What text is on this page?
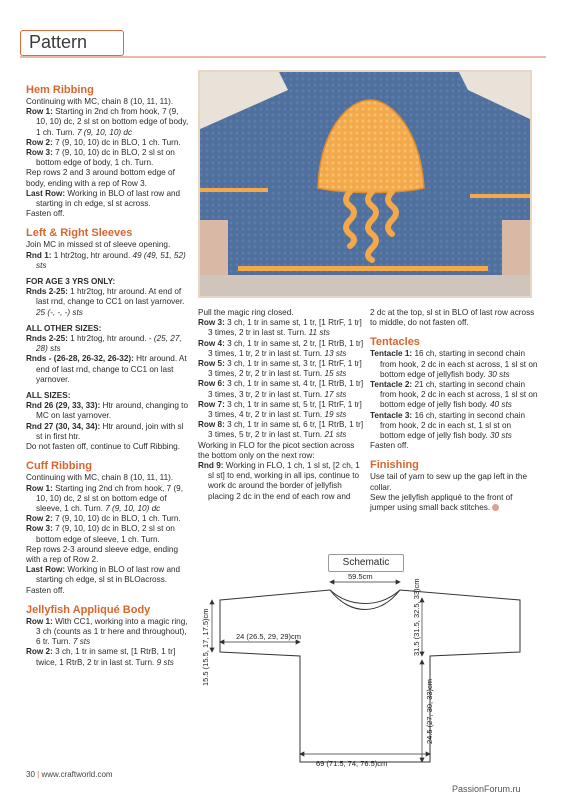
Pattern

Hem Ribbing

Continuing with MC, chain 8 (10, 11, 11).

Row 1: Starting in 2nd ch from hook, 7 (9, 10, 10) dc, 2 sl st on bottom edge of body, 1 ch. Turn. 7 (9, 10, 10) dc

Row 2: 7 (9, 10, 10) dc in BLO, 1 ch. Turn.

Row 3: 7 (9, 10, 10) dc in BLO, 2 sl st on bottom edge of body, 1 ch. Turn.

Rep rows 2 and 3 around bottom edge of body, ending with a rep of Row 3.

Last Row: Working in BLO of last row and starting in ch edge, sl st across.

Fasten off.

Left & Right Sleeves

Join MC in missed st of sleeve opening.

Rnd 1: 1 htr2tog, htr around. 49 (49, 51, 52) sts

FOR AGE 3 YRS ONLY:

Rnds 2-25: 1 htr2tog, htr around. At end of last rnd, change to CC1 on last yarnover.
25 (-, -, -) sts

ALL OTHER SIZES:

Rnds 2-25: 1 htr2tog, htr around. - (25, 27, 28) sts

Rnds - (26-28, 26-32, 26-32): Htr around. At end of last rnd, change to CC1 on last yarnover.

ALL SIZES:

Rnd 26 (29, 33, 33): Htr around, changing to MC on last yarnover.

Rnd 27 (30, 34, 34): Htr around, join with sl st in first htr.

Do not fasten off, continue to Cuff Ribbing.

Cuff Ribbing

Continuing with MC, chain 8 (10, 11, 11).

Row 1: Starting ing 2nd ch from hook, 7 (9, 10, 10) dc, 2 sl st on bottom edge of sleeve, 1 ch. Turn. 7 (9, 10, 10) dc

Row 2: 7 (9, 10, 10) dc in BLO, 1 ch. Turn.

Row 3: 7 (9, 10, 10) dc in BLO, 2 sl st on bottom edge of sleeve, 1 ch. Turn.

Rep rows 2-3 around sleeve edge, ending with a rep of Row 2.

Last Row: Working in BLO of last row and starting ch edge, sl st in BLOacross.

Fasten off.

Jellyfish Appliqué Body

Row 1: With CC1, working into a magic ring, 3 ch (counts as 1 tr here and throughout), 6 tr. Turn. 7 sts

Row 2: 3 ch, 1 tr in same st, [1 RtrB, 1 tr] twice, 1 RtrB, 2 tr in last st. Turn. 9 sts

Pull the magic ring closed.

Row 3: 3 ch, 1 tr in same st, 1 tr, [1 RtrF, 1 tr] 3 times, 2 tr in last st. Turn. 11 sts

Row 4: 3 ch, 1 tr in same st, 2 tr, [1 RtrB, 1 tr] 3 times, 1 tr, 2 tr in last st. Turn. 13 sts

Row 5: 3 ch, 1 tr in same st, 3 tr, [1 RtrF, 1 tr] 3 times, 2 tr, 2 tr in last st. Turn. 15 sts

Row 6: 3 ch, 1 tr in same st, 4 tr, [1 RtrB, 1 tr] 3 times, 3 tr, 2 tr in last st. Turn. 17 sts

Row 7: 3 ch, 1 tr in same st, 5 tr, [1 RtrF, 1 tr] 3 times, 4 tr, 2 tr in last st. Turn. 19 sts

Row 8: 3 ch, 1 tr in same st, 6 tr, [1 RtrB, 1 tr] 3 times, 5 tr, 2 tr in last st. Turn. 21 sts

Working in FLO for the picot section across the bottom only on the next row:

Rnd 9: Working in FLO, 1 ch, 1 sl st, [2 ch, 1 sl st] to end, working in all ips, continue to work dc around the border of jellyfish placing 2 dc in the end of each row and

2 dc at the top, sl st in BLO of last row across to middle, do not fasten off.

Tentacles

Tentacle 1: 16 ch, starting in second chain from hook, 2 dc in each st across, 1 sl st on bottom edge of jellyfish body. 30 sts

Tentacle 2: 21 ch, starting in second chain from hook, 2 dc in each st across, 1 sl st on bottom edge of jelly fish body. 40 sts

Tentacle 3: 16 ch, starting in second chain from hook, 2 dc in each st, 1 sl st on bottom edge of jelly fish body. 30 sts

Fasten off.

Finishing

Use tail of yarn to sew up the gap left in the collar.

Sew the jellyfish appliqué to the front of jumper using small back stitches.

Schematic
59.5cm
15.5 (15.5, 17, 17.5)cm	24 (26.5, 29, 29)cm	31.5 (31.5, 32.5, 33)cm
24.5 (27, 30, 33)cm
69 (71.5, 74, 76.5)cm
30 | www.craftworld.com
PassionForum.ru
